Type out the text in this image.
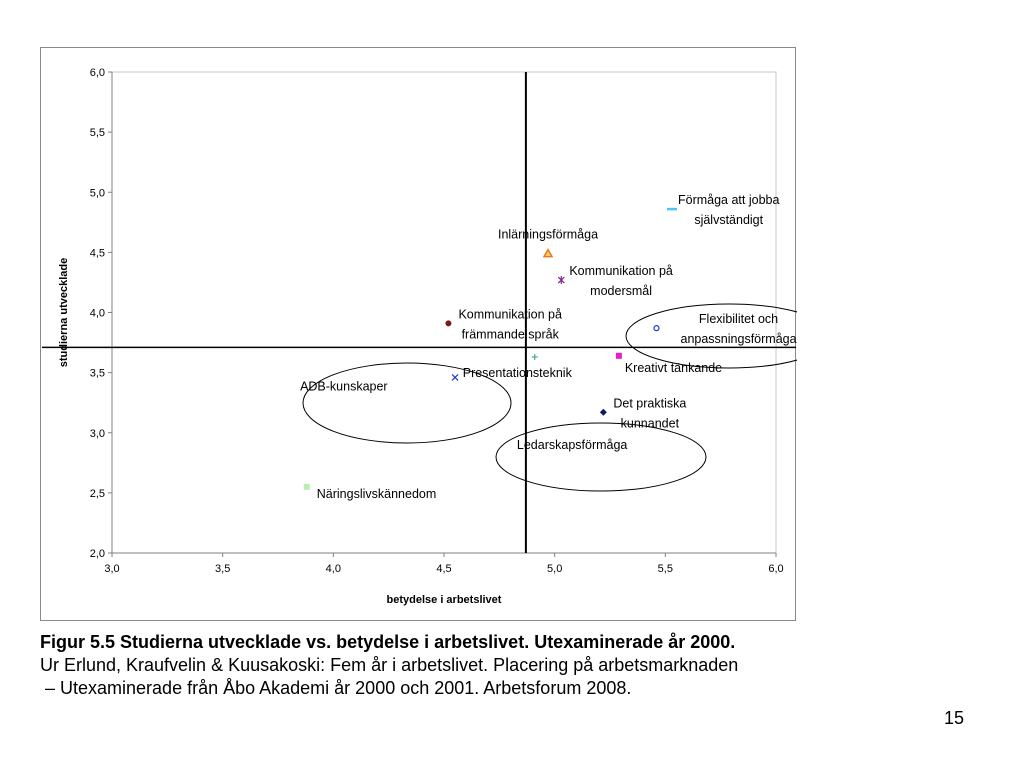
2,0
2,5
3,0
3,5
4,0
4,5
5,0
5,5
6,0
3,0	3,5	4,0	4,5	5,0	5,5	6,0
betydelse i arbetslivet
studierna utvecklade
Förmåga att jobba självständigt
Inlärningsförmåga
Kommunikation på modersmål
Kommunikation på främmande språk
Flexibilitet och anpassningsförmåga
Kreativt tänkande
Presentationsteknik
ADB-kunskaper
Det praktiska kunnandet
Ledarskapsförmåga
Näringslivskännedom
Figur 5.5 Studierna utvecklade vs. betydelse i arbetslivet. Utexaminerade år 2000.
Ur Erlund, Kraufvelin & Kuusakoski: Fem år i arbetslivet. Placering på arbetsmarknaden
– Utexaminerade från Åbo Akademi år 2000 och 2001. Arbetsforum 2008.
15
